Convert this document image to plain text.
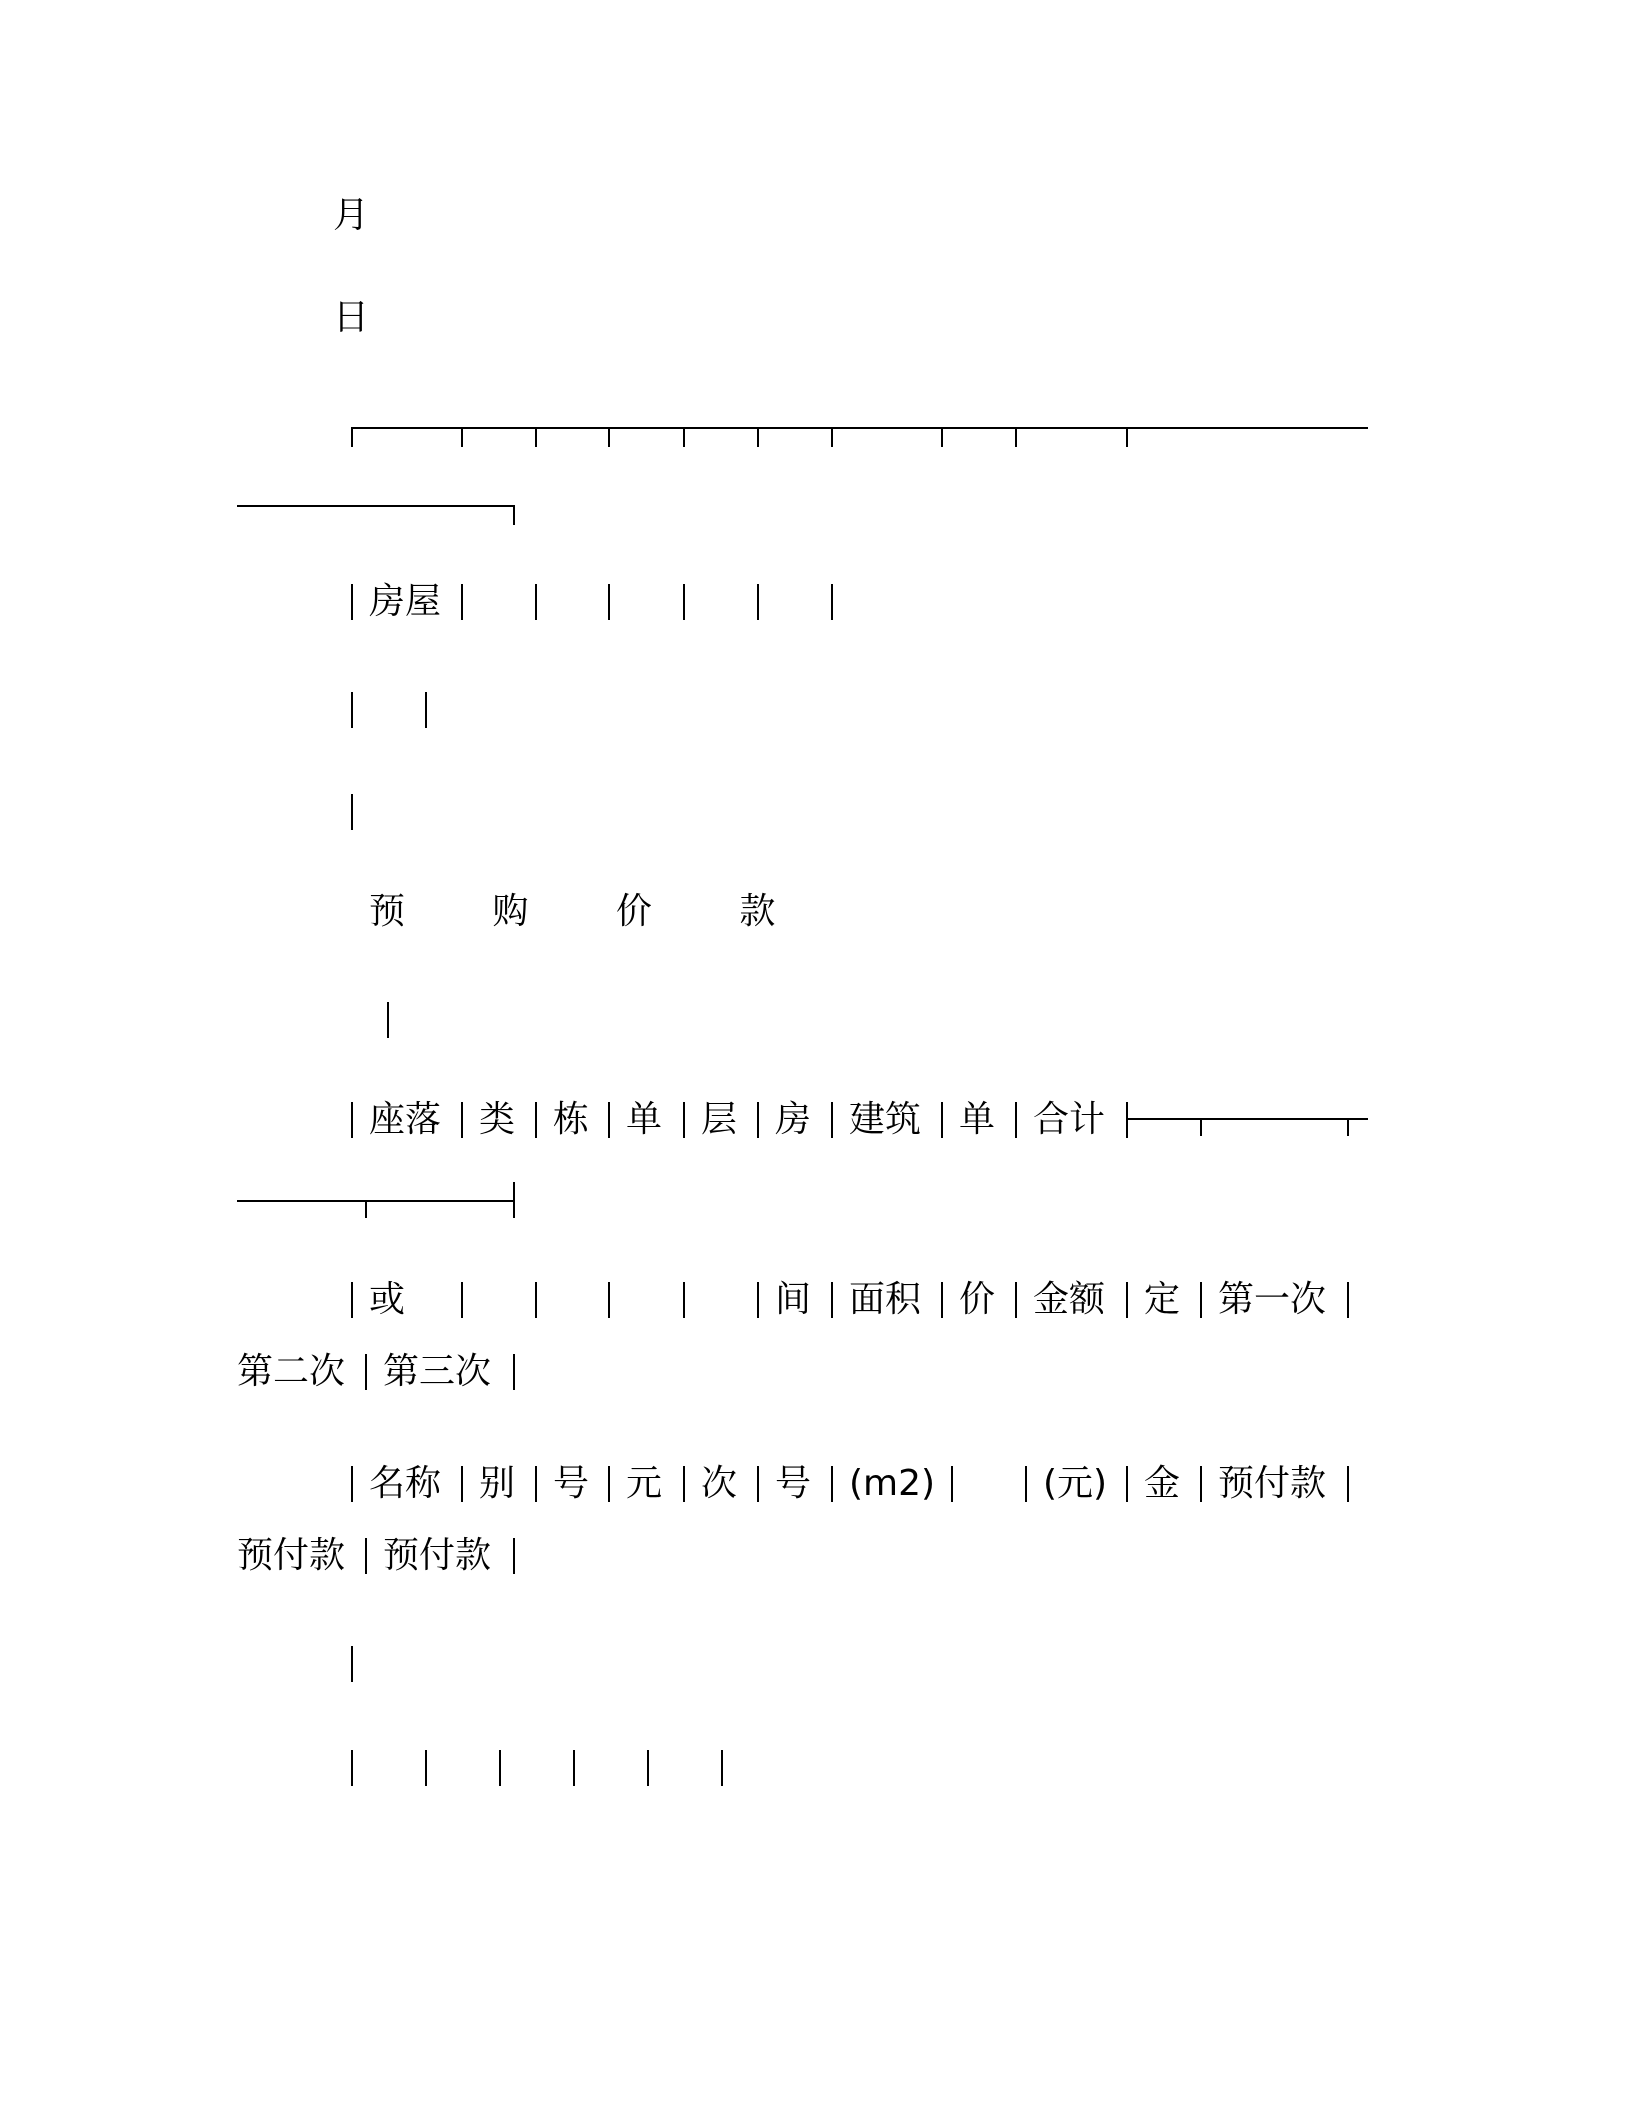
月
日
房屋
预 购 价 款
座落 类 栋 单 层 房 建筑 单 合计
或	间 面积 价 金额 定 第一次
第二次 第三次
名称 别 号 元 次 号 (m2)	(元) 金 预付款
预付款 预付款
